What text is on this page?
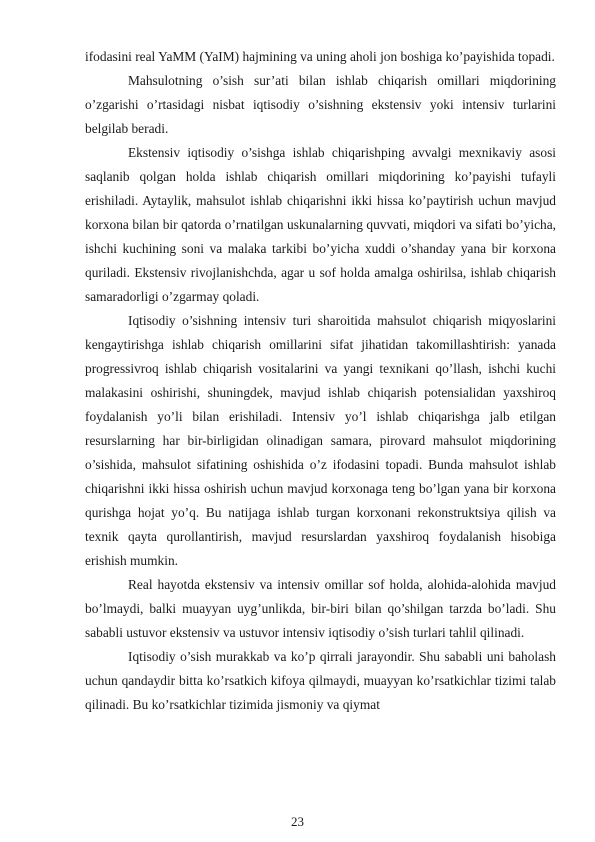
ifodasini real YaMM (YaIM) hajmining va uning aholi jon boshiga ko’payishida topadi.

Mahsulotning o’sish sur’ati bilan ishlab chiqarish omillari miqdorining o’zgarishi o’rtasidagi nisbat iqtisodiy o’sishning ekstensiv yoki intensiv turlarini belgilab beradi.

Ekstensiv iqtisodiy o’sishga ishlab chiqarishping avvalgi mexnikaviy asosi saqlanib qolgan holda ishlab chiqarish omillari miqdorining ko’payishi tufayli erishiladi. Aytaylik, mahsulot ishlab chiqarishni ikki hissa ko’paytirish uchun mavjud korxona bilan bir qatorda o’rnatilgan uskunalarning quvvati, miqdori va sifati bo’yicha, ishchi kuchining soni va malaka tarkibi bo’yicha xuddi o’shanday yana bir korxona quriladi. Ekstensiv rivojlanishchda, agar u sof holda amalga oshirilsa, ishlab chiqarish samaradorligi o’zgarmay qoladi.

Iqtisodiy o’sishning intensiv turi sharoitida mahsulot chiqarish miqyoslarini kengaytirishga ishlab chiqarish omillarini sifat jihatidan takomillashtirish: yanada progressivroq ishlab chiqarish vositalarini va yangi texnikani qo’llash, ishchi kuchi malakasini oshirishi, shuningdek, mavjud ishlab chiqarish potensialidan yaxshiroq foydalanish yo’li bilan erishiladi. Intensiv yo’l ishlab chiqarishga jalb etilgan resurslarning har bir-birligidan olinadigan samara, pirovard mahsulot miqdorining o’sishida, mahsulot sifatining oshishida o’z ifodasini topadi. Bunda mahsulot ishlab chiqarishni ikki hissa oshirish uchun mavjud korxonaga teng bo’lgan yana bir korxona qurishga hojat yo’q. Bu natijaga ishlab turgan korxonani rekonstruktsiya qilish va texnik qayta qurollantirish, mavjud resurslardan yaxshiroq foydalanish hisobiga erishish mumkin.

Real hayotda ekstensiv va intensiv omillar sof holda, alohida-alohida mavjud bo’lmaydi, balki muayyan uyg’unlikda, bir-biri bilan qo’shilgan tarzda bo’ladi. Shu sababli ustuvor ekstensiv va ustuvor intensiv iqtisodiy o’sish turlari tahlil qilinadi.

Iqtisodiy o’sish murakkab va ko’p qirrali jarayondir. Shu sababli uni baholash uchun qandaydir bitta ko’rsatkich kifoya qilmaydi, muayyan ko’rsatkichlar tizimi talab qilinadi. Bu ko’rsatkichlar tizimida jismoniy va qiymat

23
